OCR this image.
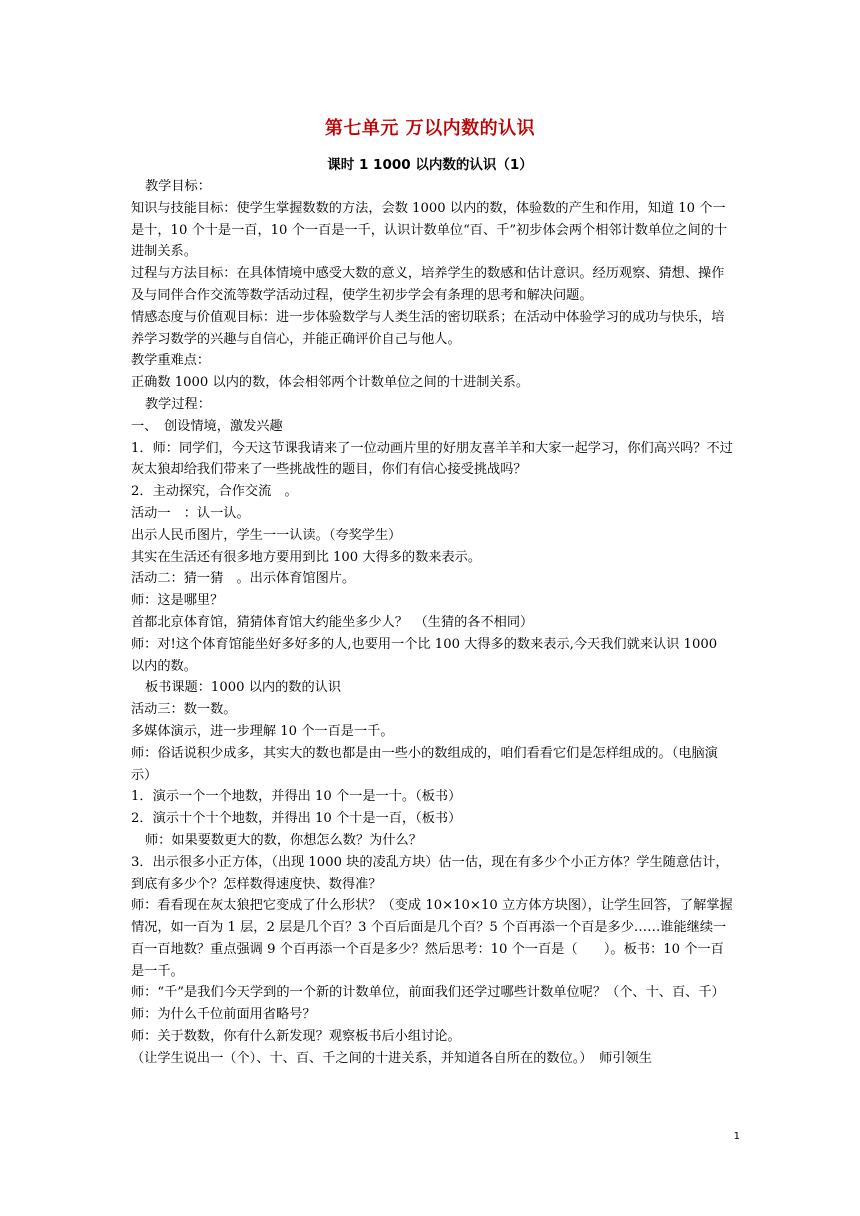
第七单元 万以内数的认识
课时 1 1000 以内数的认识（1）

教学目标：

知识与技能目标：使学生掌握数数的方法，会数 1000 以内的数，体验数的产生和作用，知道 10 个一是十，10 个十是一百，10 个一百是一千，认识计数单位“百、千”初步体会两个相邻计数单位之间的十进制关系。

过程与方法目标：在具体情境中感受大数的意义，培养学生的数感和估计意识。经历观察、猜想、操作及与同伴合作交流等数学活动过程，使学生初步学会有条理的思考和解决问题。

情感态度与价值观目标：进一步体验数学与人类生活的密切联系；在活动中体验学习的成功与快乐，培养学习数学的兴趣与自信心，并能正确评价自己与他人。

教学重难点：

正确数 1000 以内的数，体会相邻两个计数单位之间的十进制关系。

教学过程：

一、　创设情境，激发兴趣

1．师：同学们，今天这节课我请来了一位动画片里的好朋友喜羊羊和大家一起学习，你们高兴吗？不过灰太狼却给我们带来了一些挑战性的题目，你们有信心接受挑战吗？

2．主动探究，合作交流　。

活动一　：认一认。

出示人民币图片，学生一一认读。（夸奖学生）

其实在生活还有很多地方要用到比 100 大得多的数来表示。

活动二：猜一猜　。出示体育馆图片。

师：这是哪里？

首都北京体育馆，猜猜体育馆大约能坐多少人？　（生猜的各不相同）

师：对!这个体育馆能坐好多好多的人,也要用一个比 100 大得多的数来表示,今天我们就来认识 1000 以内的数。

板书课题：1000 以内的数的认识

活动三：数一数。

多媒体演示，进一步理解 10 个一百是一千。

师：俗话说积少成多，其实大的数也都是由一些小的数组成的，咱们看看它们是怎样组成的。（电脑演示）

1．演示一个一个地数，并得出 10 个一是一十。（板书）

2．演示十个十个地数，并得出 10 个十是一百，（板书）

师：如果要数更大的数，你想怎么数？为什么？

3．出示很多小正方体，（出现 1000 块的凌乱方块）估一估，现在有多少个小正方体？学生随意估计，到底有多少个？怎样数得速度快、数得准？

师：看看现在灰太狼把它变成了什么形状？（变成 10×10×10 立方体方块图），让学生回答，了解掌握情况，如一百为 1 层，2 层是几个百？3 个百后面是几个百？5 个百再添一个百是多少……谁能继续一百一百地数？重点强调 9 个百再添一个百是多少？然后思考：10 个一百是（　　）。板书：10 个一百是一千。

师：“千”是我们今天学到的一个新的计数单位，前面我们还学过哪些计数单位呢？（个、十、百、千）　师：为什么千位前面用省略号？

师：关于数数，你有什么新发现？观察板书后小组讨论。

（让学生说出一（个）、十、百、千之间的十进关系，并知道各自所在的数位。）　师引领生

1
